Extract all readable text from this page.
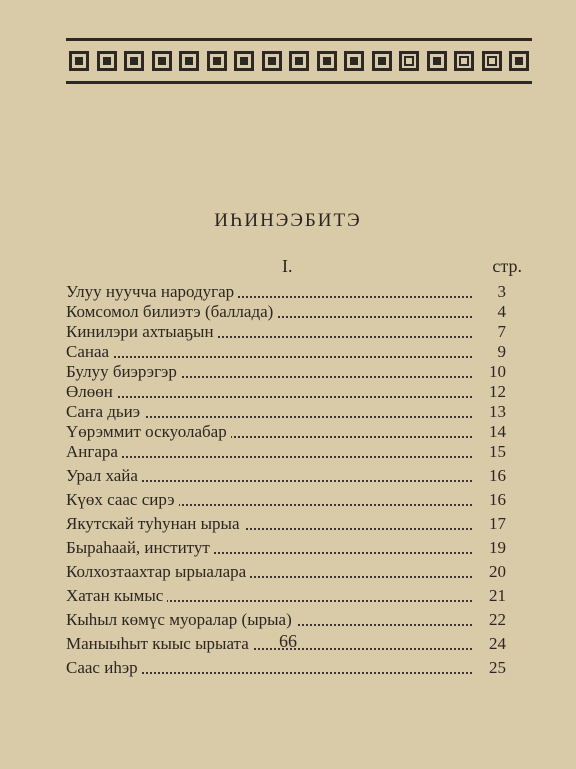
ИҺИНЭЭБИТЭ
I.	стр.
Улуу нуучча народугар	3
Комсомол билиэтэ (баллада)	4
Кинилэри ахтыаҕын	7
Санаа	9
Булуу биэрэгэр	10
Өлөөн	12
Саҥа дьиэ	13
Үөрэммит оскуолабар	14
Ангара	15
Урал хайа	16
Күөх саас сирэ	16
Якутскай туһунан ырыа	17
Быраһаай, институт	19
Колхозтаахтар ырыалара	20
Хатан кымыс	21
Кыһыл көмүс муоралар (ырыа)	22
Маныыһыт кыыс ырыата	24
Саас иһэр	25
66
